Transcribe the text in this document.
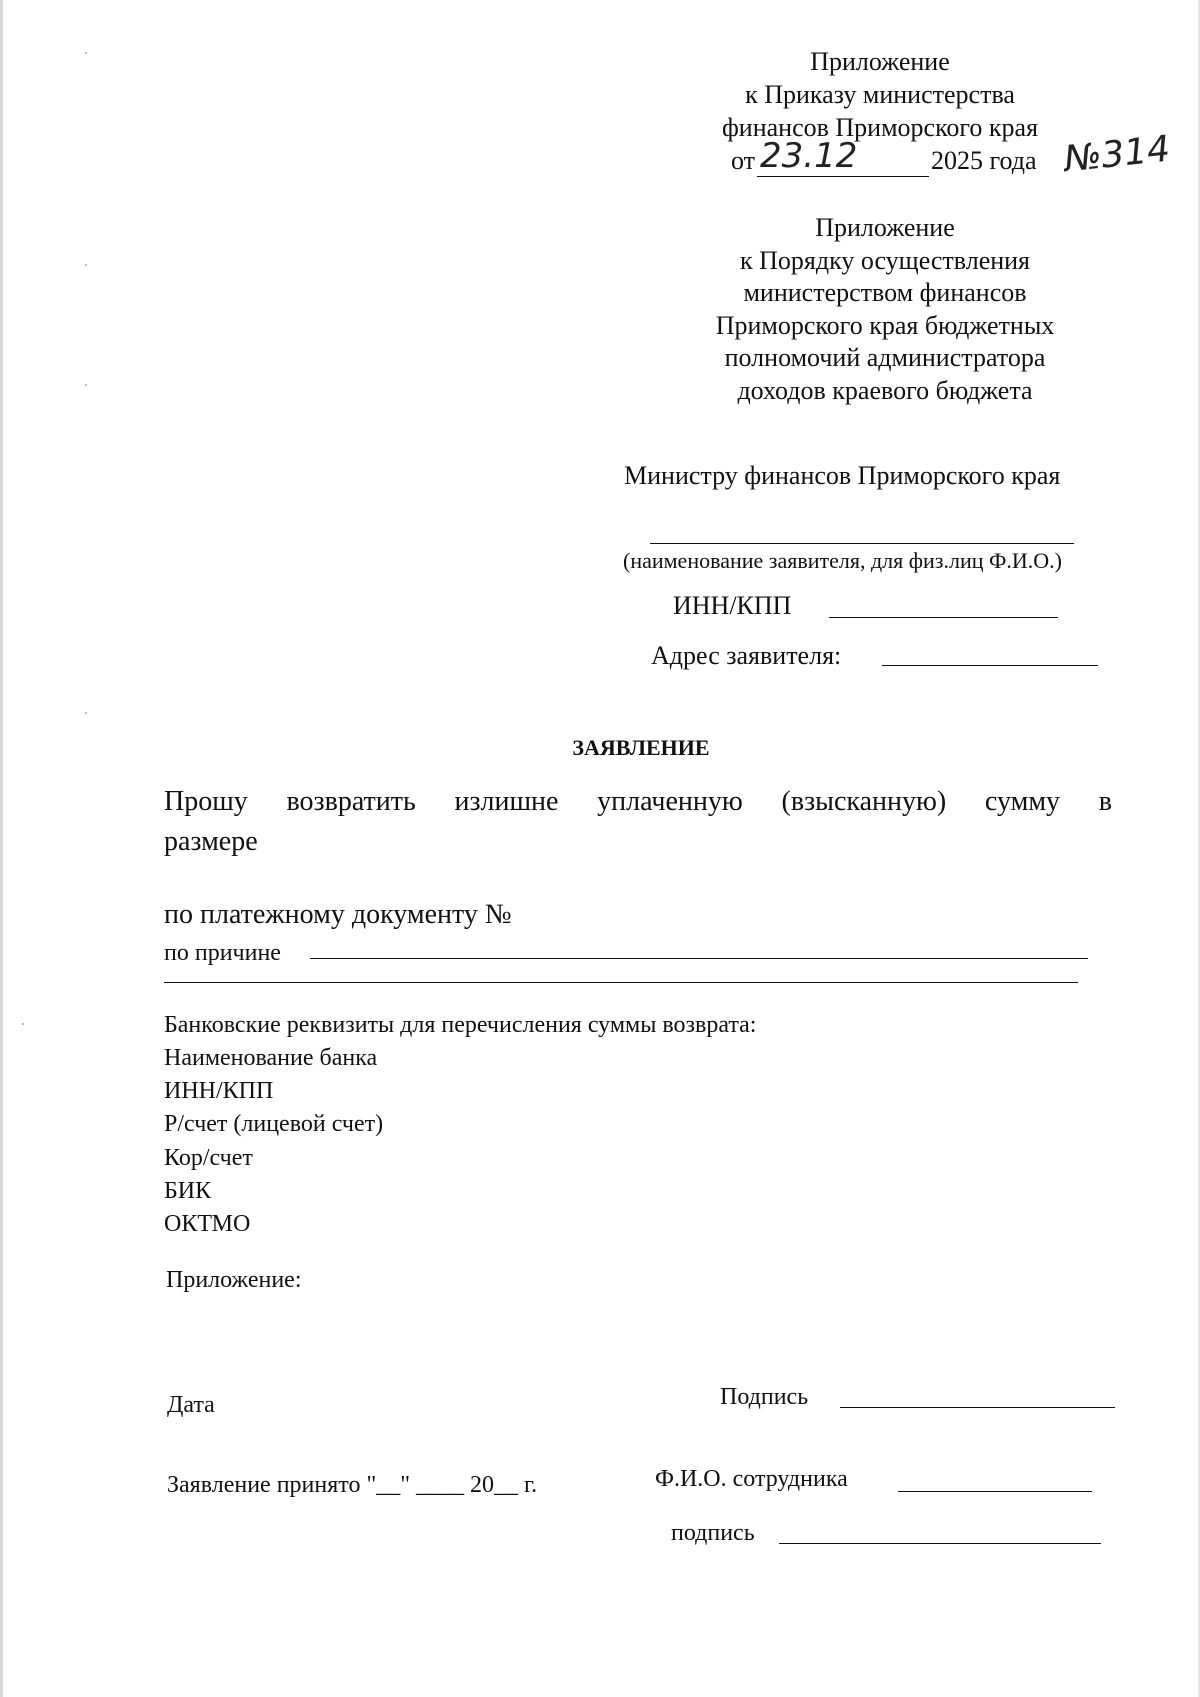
Приложение
к Приказу министерства
финансов Приморского края
от 23.12	2025 года №314
Приложение
к Порядку осуществления
министерством финансов
Приморского края бюджетных
полномочий администратора
доходов краевого бюджета
Министру финансов Приморского края
(наименование заявителя, для физ.лиц Ф.И.О.)
ИНН/КПП
Адрес заявителя:
ЗАЯВЛЕНИЕ
Прошу возвратить излишне уплаченную (взысканную) сумму в
размере
по платежному документу №
по причине
Банковские реквизиты для перечисления суммы возврата:
Наименование банка
ИНН/КПП
Р/счет (лицевой счет)
Кор/счет
БИК
ОКТМО
Приложение:
Дата	Подпись
Заявление принято "__" ____ 20__ г.	Ф.И.О. сотрудника
подпись
